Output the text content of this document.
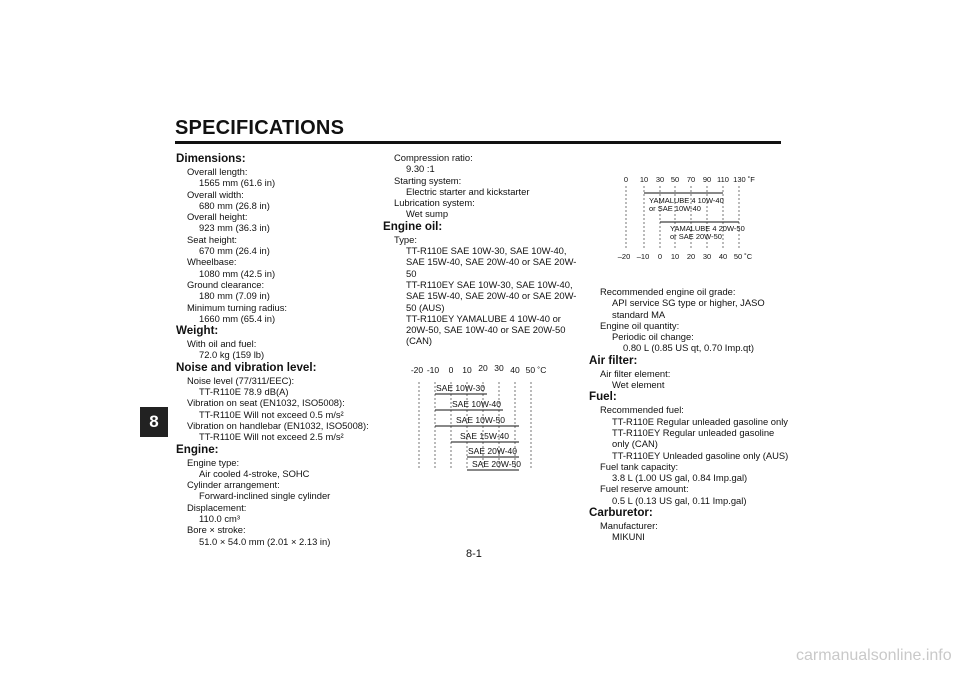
SPECIFICATIONS
8
Dimensions:
Overall length:
1565 mm (61.6 in)
Overall width:
680 mm (26.8 in)
Overall height:
923 mm (36.3 in)
Seat height:
670 mm (26.4 in)
Wheelbase:
1080 mm (42.5 in)
Ground clearance:
180 mm (7.09 in)
Minimum turning radius:
1660 mm (65.4 in)
Weight:
With oil and fuel:
72.0 kg (159 lb)
Noise and vibration level:
Noise level (77/311/EEC):
TT-R110E 78.9 dB(A)
Vibration on seat (EN1032, ISO5008):
TT-R110E Will not exceed 0.5 m/s²
Vibration on handlebar (EN1032, ISO5008):
TT-R110E Will not exceed 2.5 m/s²
Engine:
Engine type:
Air cooled 4-stroke, SOHC
Cylinder arrangement:
Forward-inclined single cylinder
Displacement:
110.0 cm³
Bore × stroke:
51.0 × 54.0 mm (2.01 × 2.13 in)
Compression ratio:
9.30 :1
Starting system:
Electric starter and kickstarter
Lubrication system:
Wet sump
Engine oil:
Type:
TT-R110E SAE 10W-30, SAE 10W-40,
SAE 15W-40, SAE 20W-40 or SAE 20W-
50
TT-R110EY SAE 10W-30, SAE 10W-40,
SAE 15W-40, SAE 20W-40 or SAE 20W-
50 (AUS)
TT-R110EY YAMALUBE 4 10W-40 or
20W-50, SAE 10W-40 or SAE 20W-50
(CAN)
-20 -10 0 10 20 30 40 50 ˚C
SAE 10W-30
SAE 10W-40
SAE 10W-50
SAE 15W-40
SAE 20W-40
SAE 20W-50
0 10 30 50 70 90 110 130 ˚F
YAMALUBE 4 10W-40
or SAE 10W-40
YAMALUBE 4 20W-50
or SAE 20W-50
–20 –10 0 10 20 30 40 50 ˚C
Recommended engine oil grade:
API service SG type or higher, JASO
standard MA
Engine oil quantity:
Periodic oil change:
0.80 L (0.85 US qt, 0.70 Imp.qt)
Air filter:
Air filter element:
Wet element
Fuel:
Recommended fuel:
TT-R110E Regular unleaded gasoline only
TT-R110EY Regular unleaded gasoline
only (CAN)
TT-R110EY Unleaded gasoline only (AUS)
Fuel tank capacity:
3.8 L (1.00 US gal, 0.84 Imp.gal)
Fuel reserve amount:
0.5 L (0.13 US gal, 0.11 Imp.gal)
Carburetor:
Manufacturer:
MIKUNI
8-1
carmanualsonline.info
